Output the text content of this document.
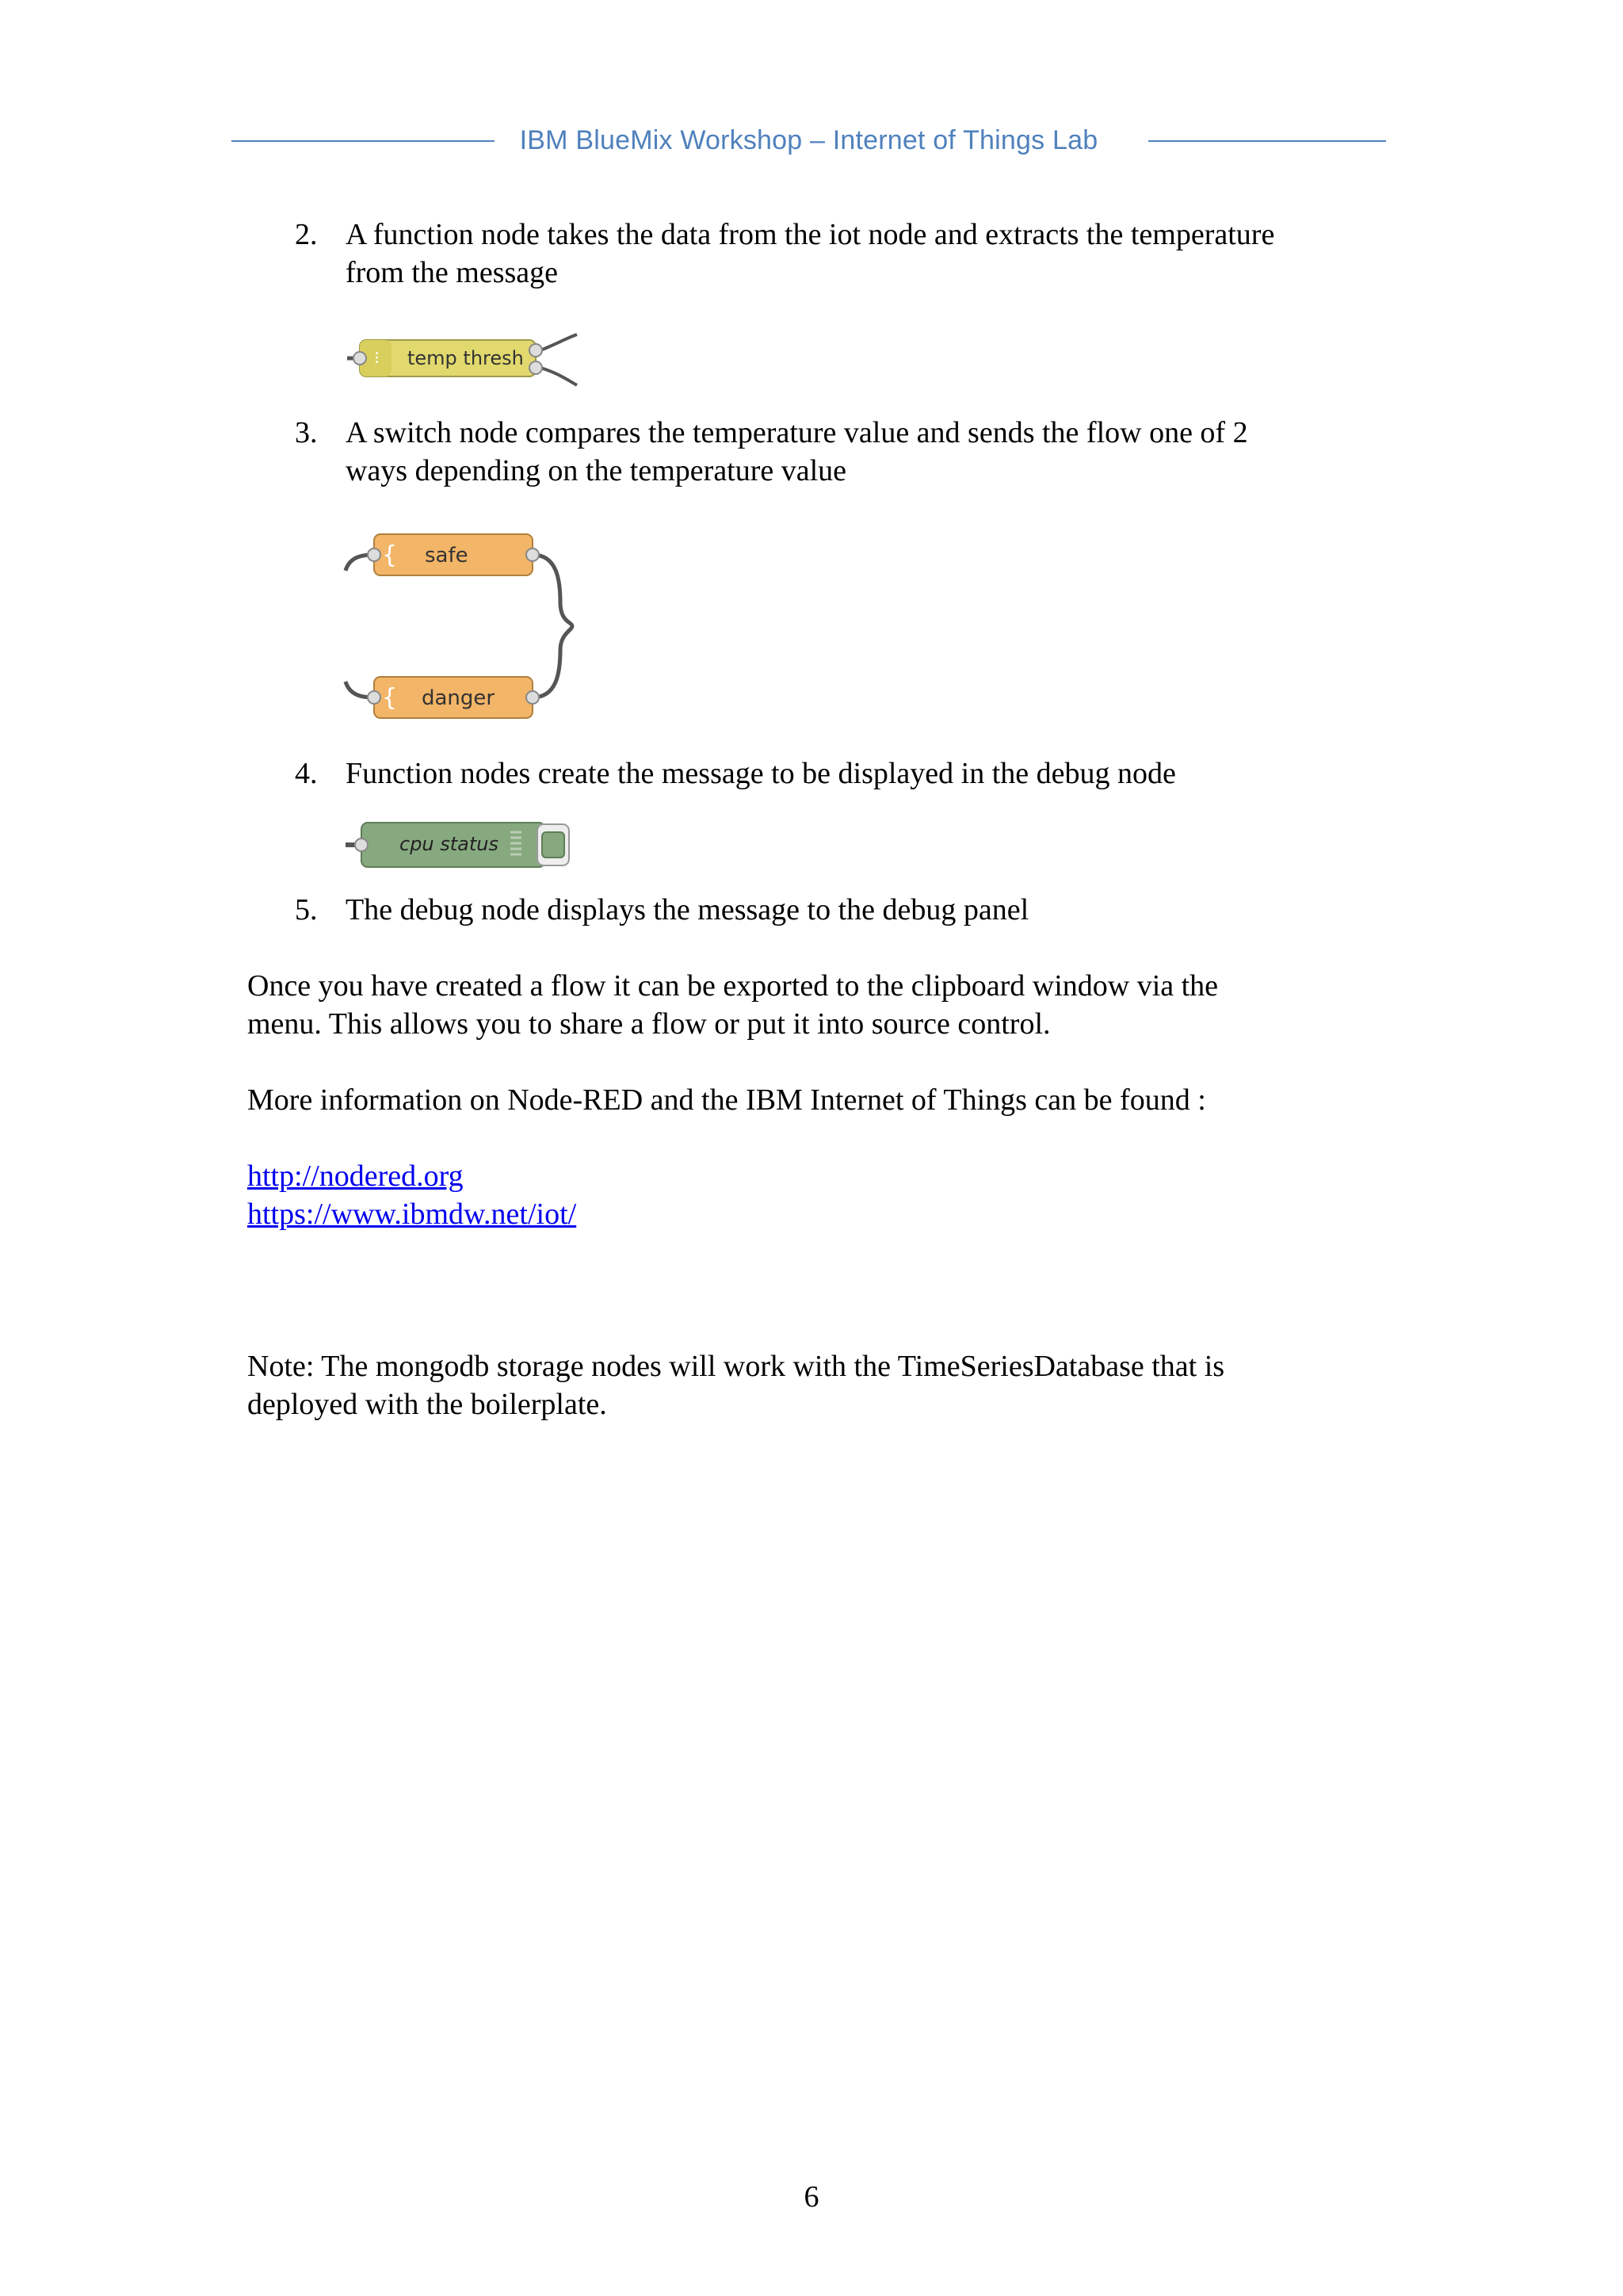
IBM BlueMix Workshop – Internet of Things Lab
2. A function node takes the data from the iot node and extracts the temperature
from the message
⁝ temp thresh
3. A switch node compares the temperature value and sends the flow one of 2
ways depending on the temperature value
{ safe
{ danger
4. Function nodes create the message to be displayed in the debug node
cpu status
5. The debug node displays the message to the debug panel
Once you have created a flow it can be exported to the clipboard window via the
menu. This allows you to share a flow or put it into source control.
More information on Node-RED and the IBM Internet of Things can be found :
http://nodered.org
https://www.ibmdw.net/iot/
Note: The mongodb storage nodes will work with the TimeSeriesDatabase that is
deployed with the boilerplate.
6
